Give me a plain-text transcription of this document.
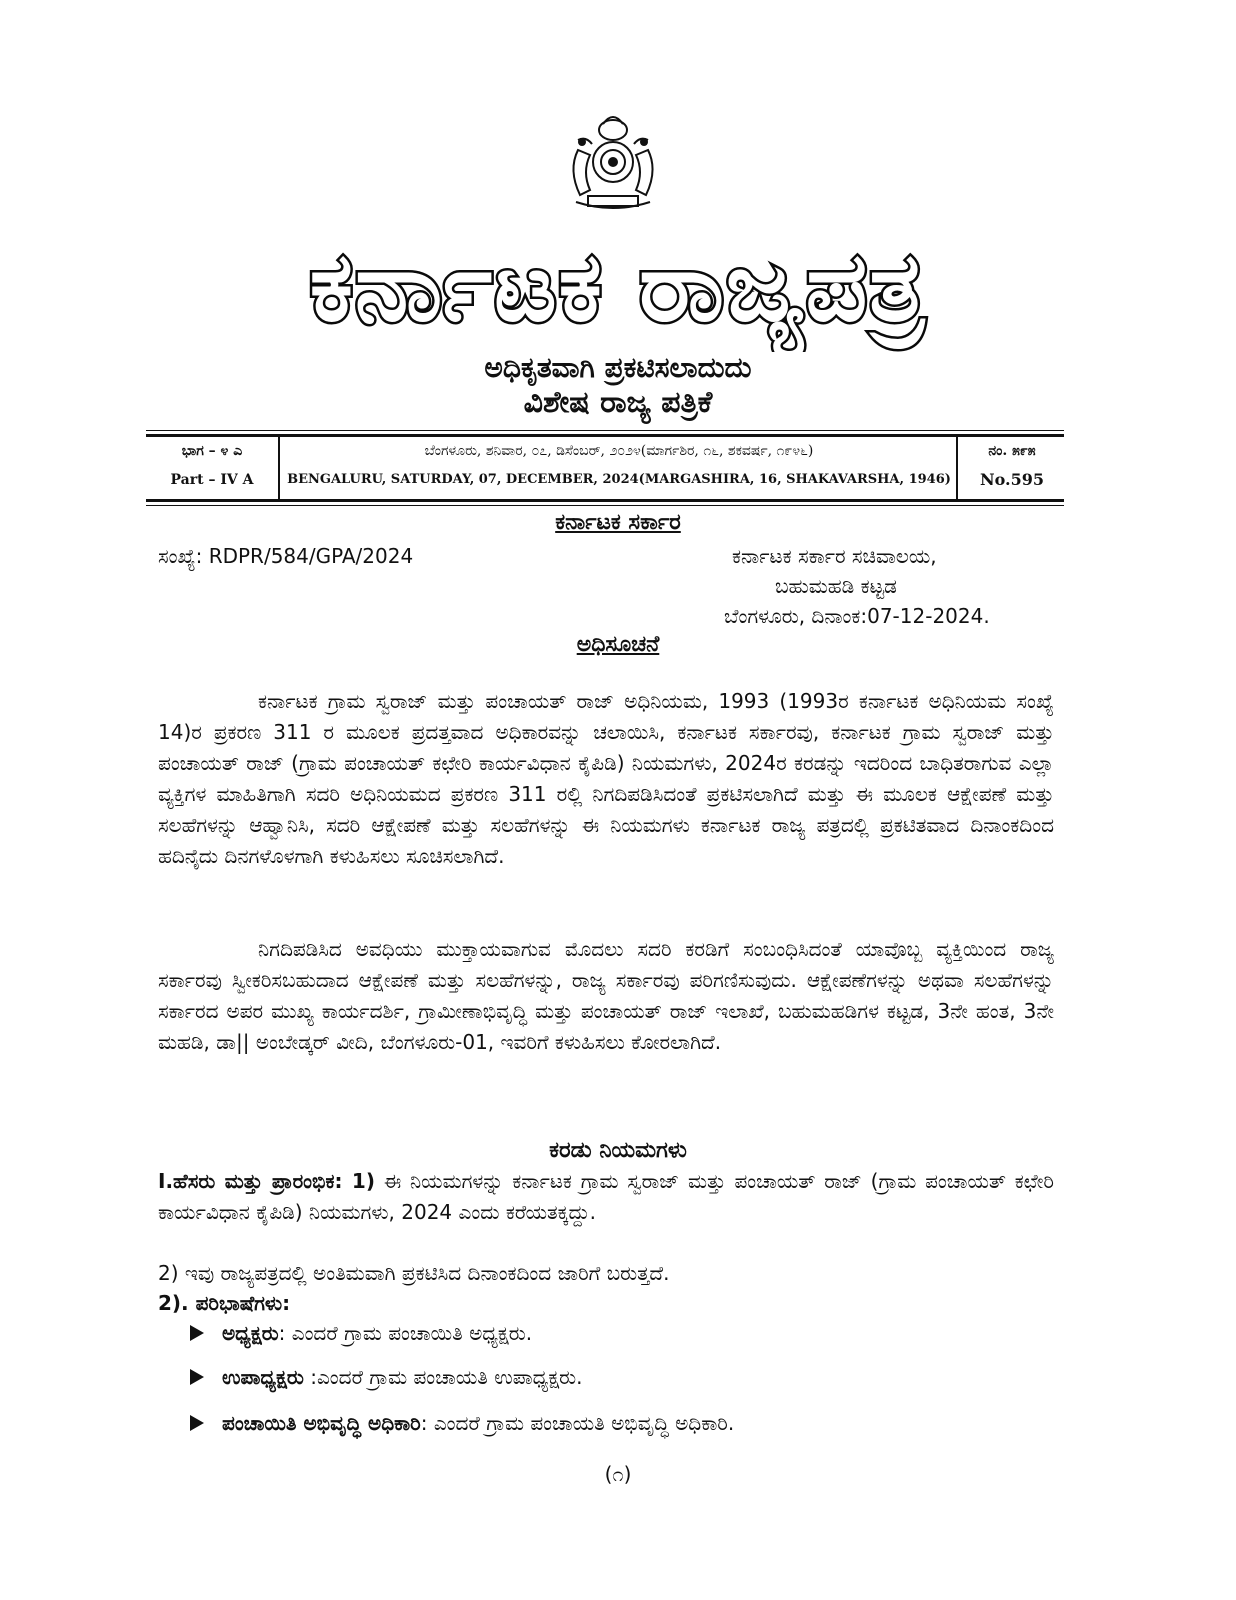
ಕರ್ನಾಟಕ ರಾಜ್ಯಪತ್ರ
ಅಧಿಕೃತವಾಗಿ ಪ್ರಕಟಿಸಲಾದುದು
ವಿಶೇಷ ರಾಜ್ಯ ಪತ್ರಿಕೆ
ಭಾಗ – ೪ ಎ
Part – IV A
ಬೆಂಗಳೂರು, ಶನಿವಾರ, ೦೭, ಡಿಸೆಂಬರ್, ೨೦೨೪(ಮಾರ್ಗಶಿರ, ೧೬, ಶಕವರ್ಷ, ೧೯೪೬)
BENGALURU, SATURDAY, 07, DECEMBER, 2024(MARGASHIRA, 16, SHAKAVARSHA, 1946)
ನಂ. ೫೯೫
No.595
ಕರ್ನಾಟಕ ಸರ್ಕಾರ
ಸಂಖ್ಯೆ: RDPR/584/GPA/2024	ಕರ್ನಾಟಕ ಸರ್ಕಾರ ಸಚಿವಾಲಯ,
ಬಹುಮಹಡಿ ಕಟ್ಟಡ
ಬೆಂಗಳೂರು, ದಿನಾಂಕ:07-12-2024.
ಅಧಿಸೂಚನೆ
ಕರ್ನಾಟಕ ಗ್ರಾಮ ಸ್ವರಾಜ್ ಮತ್ತು ಪಂಚಾಯತ್ ರಾಜ್ ಅಧಿನಿಯಮ, 1993 (1993ರ ಕರ್ನಾಟಕ ಅಧಿನಿಯಮ ಸಂಖ್ಯೆ 14)ರ ಪ್ರಕರಣ 311 ರ ಮೂಲಕ ಪ್ರದತ್ತವಾದ ಅಧಿಕಾರವನ್ನು ಚಲಾಯಿಸಿ, ಕರ್ನಾಟಕ ಸರ್ಕಾರವು, ಕರ್ನಾಟಕ ಗ್ರಾಮ ಸ್ವರಾಜ್ ಮತ್ತು ಪಂಚಾಯತ್ ರಾಜ್ (ಗ್ರಾಮ ಪಂಚಾಯತ್ ಕಛೇರಿ ಕಾರ್ಯವಿಧಾನ ಕೈಪಿಡಿ) ನಿಯಮಗಳು, 2024ರ ಕರಡನ್ನು ಇದರಿಂದ ಬಾಧಿತರಾಗುವ ಎಲ್ಲಾ ವ್ಯಕ್ತಿಗಳ ಮಾಹಿತಿಗಾಗಿ ಸದರಿ ಅಧಿನಿಯಮದ ಪ್ರಕರಣ 311 ರಲ್ಲಿ ನಿಗದಿಪಡಿಸಿದಂತೆ ಪ್ರಕಟಿಸಲಾಗಿದೆ ಮತ್ತು ಈ ಮೂಲಕ ಆಕ್ಷೇಪಣೆ ಮತ್ತು ಸಲಹೆಗಳನ್ನು ಆಹ್ವಾನಿಸಿ, ಸದರಿ ಆಕ್ಷೇಪಣೆ ಮತ್ತು ಸಲಹೆಗಳನ್ನು ಈ ನಿಯಮಗಳು ಕರ್ನಾಟಕ ರಾಜ್ಯ ಪತ್ರದಲ್ಲಿ ಪ್ರಕಟಿತವಾದ ದಿನಾಂಕದಿಂದ ಹದಿನೈದು ದಿನಗಳೊಳಗಾಗಿ ಕಳುಹಿಸಲು ಸೂಚಿಸಲಾಗಿದೆ.
ನಿಗದಿಪಡಿಸಿದ ಅವಧಿಯು ಮುಕ್ತಾಯವಾಗುವ ಮೊದಲು ಸದರಿ ಕರಡಿಗೆ ಸಂಬಂಧಿಸಿದಂತೆ ಯಾವೊಬ್ಬ ವ್ಯಕ್ತಿಯಿಂದ ರಾಜ್ಯ ಸರ್ಕಾರವು ಸ್ವೀಕರಿಸಬಹುದಾದ ಆಕ್ಷೇಪಣೆ ಮತ್ತು ಸಲಹೆಗಳನ್ನು, ರಾಜ್ಯ ಸರ್ಕಾರವು ಪರಿಗಣಿಸುವುದು. ಆಕ್ಷೇಪಣೆಗಳನ್ನು ಅಥವಾ ಸಲಹೆಗಳನ್ನು ಸರ್ಕಾರದ ಅಪರ ಮುಖ್ಯ ಕಾರ್ಯದರ್ಶಿ, ಗ್ರಾಮೀಣಾಭಿವೃದ್ಧಿ ಮತ್ತು ಪಂಚಾಯತ್ ರಾಜ್ ಇಲಾಖೆ, ಬಹುಮಹಡಿಗಳ ಕಟ್ಟಡ, 3ನೇ ಹಂತ, 3ನೇ ಮಹಡಿ, ಡಾ|| ಅಂಬೇಡ್ಕರ್ ವೀದಿ, ಬೆಂಗಳೂರು-01, ಇವರಿಗೆ ಕಳುಹಿಸಲು ಕೋರಲಾಗಿದೆ.
ಕರಡು ನಿಯಮಗಳು
I.ಹೆಸರು ಮತ್ತು ಪ್ರಾರಂಭಿಕ: 1) ಈ ನಿಯಮಗಳನ್ನು ಕರ್ನಾಟಕ ಗ್ರಾಮ ಸ್ವರಾಜ್ ಮತ್ತು ಪಂಚಾಯತ್ ರಾಜ್ (ಗ್ರಾಮ ಪಂಚಾಯತ್ ಕಛೇರಿ ಕಾರ್ಯವಿಧಾನ ಕೈಪಿಡಿ) ನಿಯಮಗಳು, 2024 ಎಂದು ಕರೆಯತಕ್ಕದ್ದು.
2) ಇವು ರಾಜ್ಯಪತ್ರದಲ್ಲಿ ಅಂತಿಮವಾಗಿ ಪ್ರಕಟಿಸಿದ ದಿನಾಂಕದಿಂದ ಜಾರಿಗೆ ಬರುತ್ತದೆ.
2). ಪರಿಭಾಷೆಗಳು:
ಅಧ್ಯಕ್ಷರು: ಎಂದರೆ ಗ್ರಾಮ ಪಂಚಾಯಿತಿ ಅಧ್ಯಕ್ಷರು.
ಉಪಾಧ್ಯಕ್ಷರು :ಎಂದರೆ ಗ್ರಾಮ ಪಂಚಾಯತಿ ಉಪಾಧ್ಯಕ್ಷರು.
ಪಂಚಾಯಿತಿ ಅಭಿವೃದ್ಧಿ ಅಧಿಕಾರಿ: ಎಂದರೆ ಗ್ರಾಮ ಪಂಚಾಯತಿ ಅಭಿವೃದ್ಧಿ ಅಧಿಕಾರಿ.
(೧)
